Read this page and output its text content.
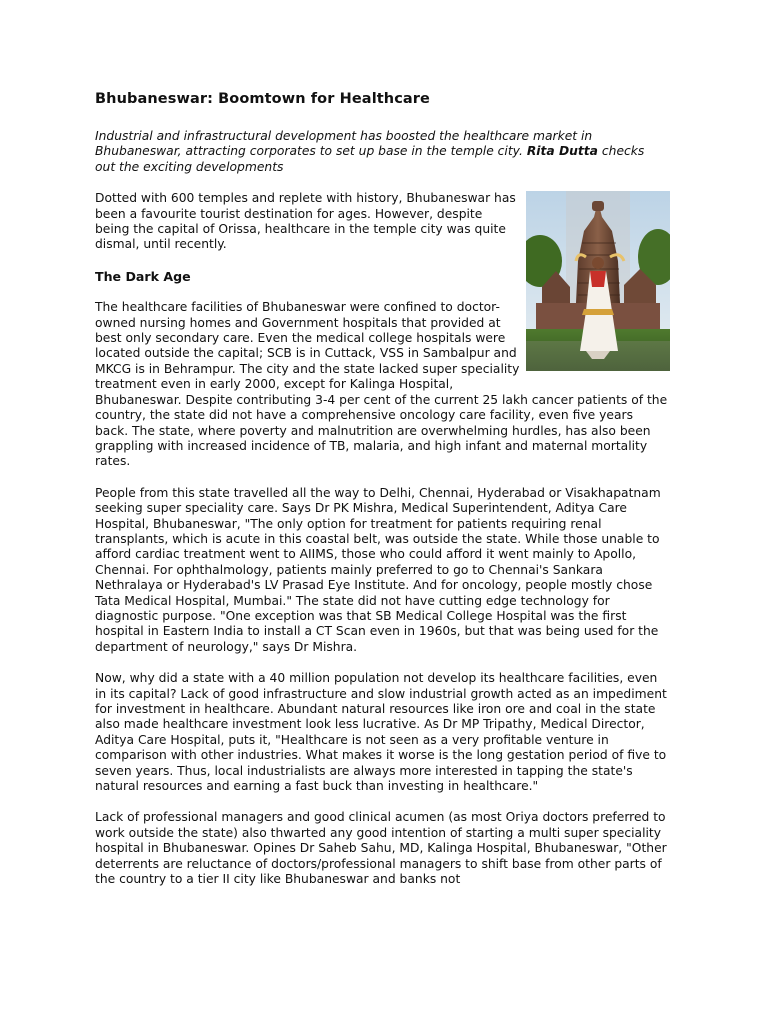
Bhubaneswar: Boomtown for Healthcare

Industrial and infrastructural development has boosted the healthcare market in Bhubaneswar, attracting corporates to set up base in the temple city. Rita Dutta checks out the exciting developments

Dotted with 600 temples and replete with history, Bhubaneswar has been a favourite tourist destination for ages. However, despite being the capital of Orissa, healthcare in the temple city was quite dismal, until recently.

The Dark Age

The healthcare facilities of Bhubaneswar were confined to doctor-owned nursing homes and Government hospitals that provided at best only secondary care. Even the medical college hospitals were located outside the capital; SCB is in Cuttack, VSS in Sambalpur and MKCG is in Behrampur. The city and the state lacked super speciality treatment even in early 2000, except for Kalinga Hospital, Bhubaneswar. Despite contributing 3-4 per cent of the current 25 lakh cancer patients of the country, the state did not have a comprehensive oncology care facility, even five years back. The state, where poverty and malnutrition are overwhelming hurdles, has also been grappling with increased incidence of TB, malaria, and high infant and maternal mortality rates.

People from this state travelled all the way to Delhi, Chennai, Hyderabad or Visakhapatnam seeking super speciality care. Says Dr PK Mishra, Medical Superintendent, Aditya Care Hospital, Bhubaneswar, "The only option for treatment for patients requiring renal transplants, which is acute in this coastal belt, was outside the state. While those unable to afford cardiac treatment went to AIIMS, those who could afford it went mainly to Apollo, Chennai. For ophthalmology, patients mainly preferred to go to Chennai's Sankara Nethralaya or Hyderabad's LV Prasad Eye Institute. And for oncology, people mostly chose Tata Medical Hospital, Mumbai." The state did not have cutting edge technology for diagnostic purpose. "One exception was that SB Medical College Hospital was the first hospital in Eastern India to install a CT Scan even in 1960s, but that was being used for the department of neurology," says Dr Mishra.

Now, why did a state with a 40 million population not develop its healthcare facilities, even in its capital? Lack of good infrastructure and slow industrial growth acted as an impediment for investment in healthcare. Abundant natural resources like iron ore and coal in the state also made healthcare investment look less lucrative. As Dr MP Tripathy, Medical Director, Aditya Care Hospital, puts it, "Healthcare is not seen as a very profitable venture in comparison with other industries. What makes it worse is the long gestation period of five to seven years. Thus, local industrialists are always more interested in tapping the state's natural resources and earning a fast buck than investing in healthcare."

Lack of professional managers and good clinical acumen (as most Oriya doctors preferred to work outside the state) also thwarted any good intention of starting a multi super speciality hospital in Bhubaneswar. Opines Dr Saheb Sahu, MD, Kalinga Hospital, Bhubaneswar, "Other deterrents are reluctance of doctors/professional managers to shift base from other parts of the country to a tier II city like Bhubaneswar and banks not
